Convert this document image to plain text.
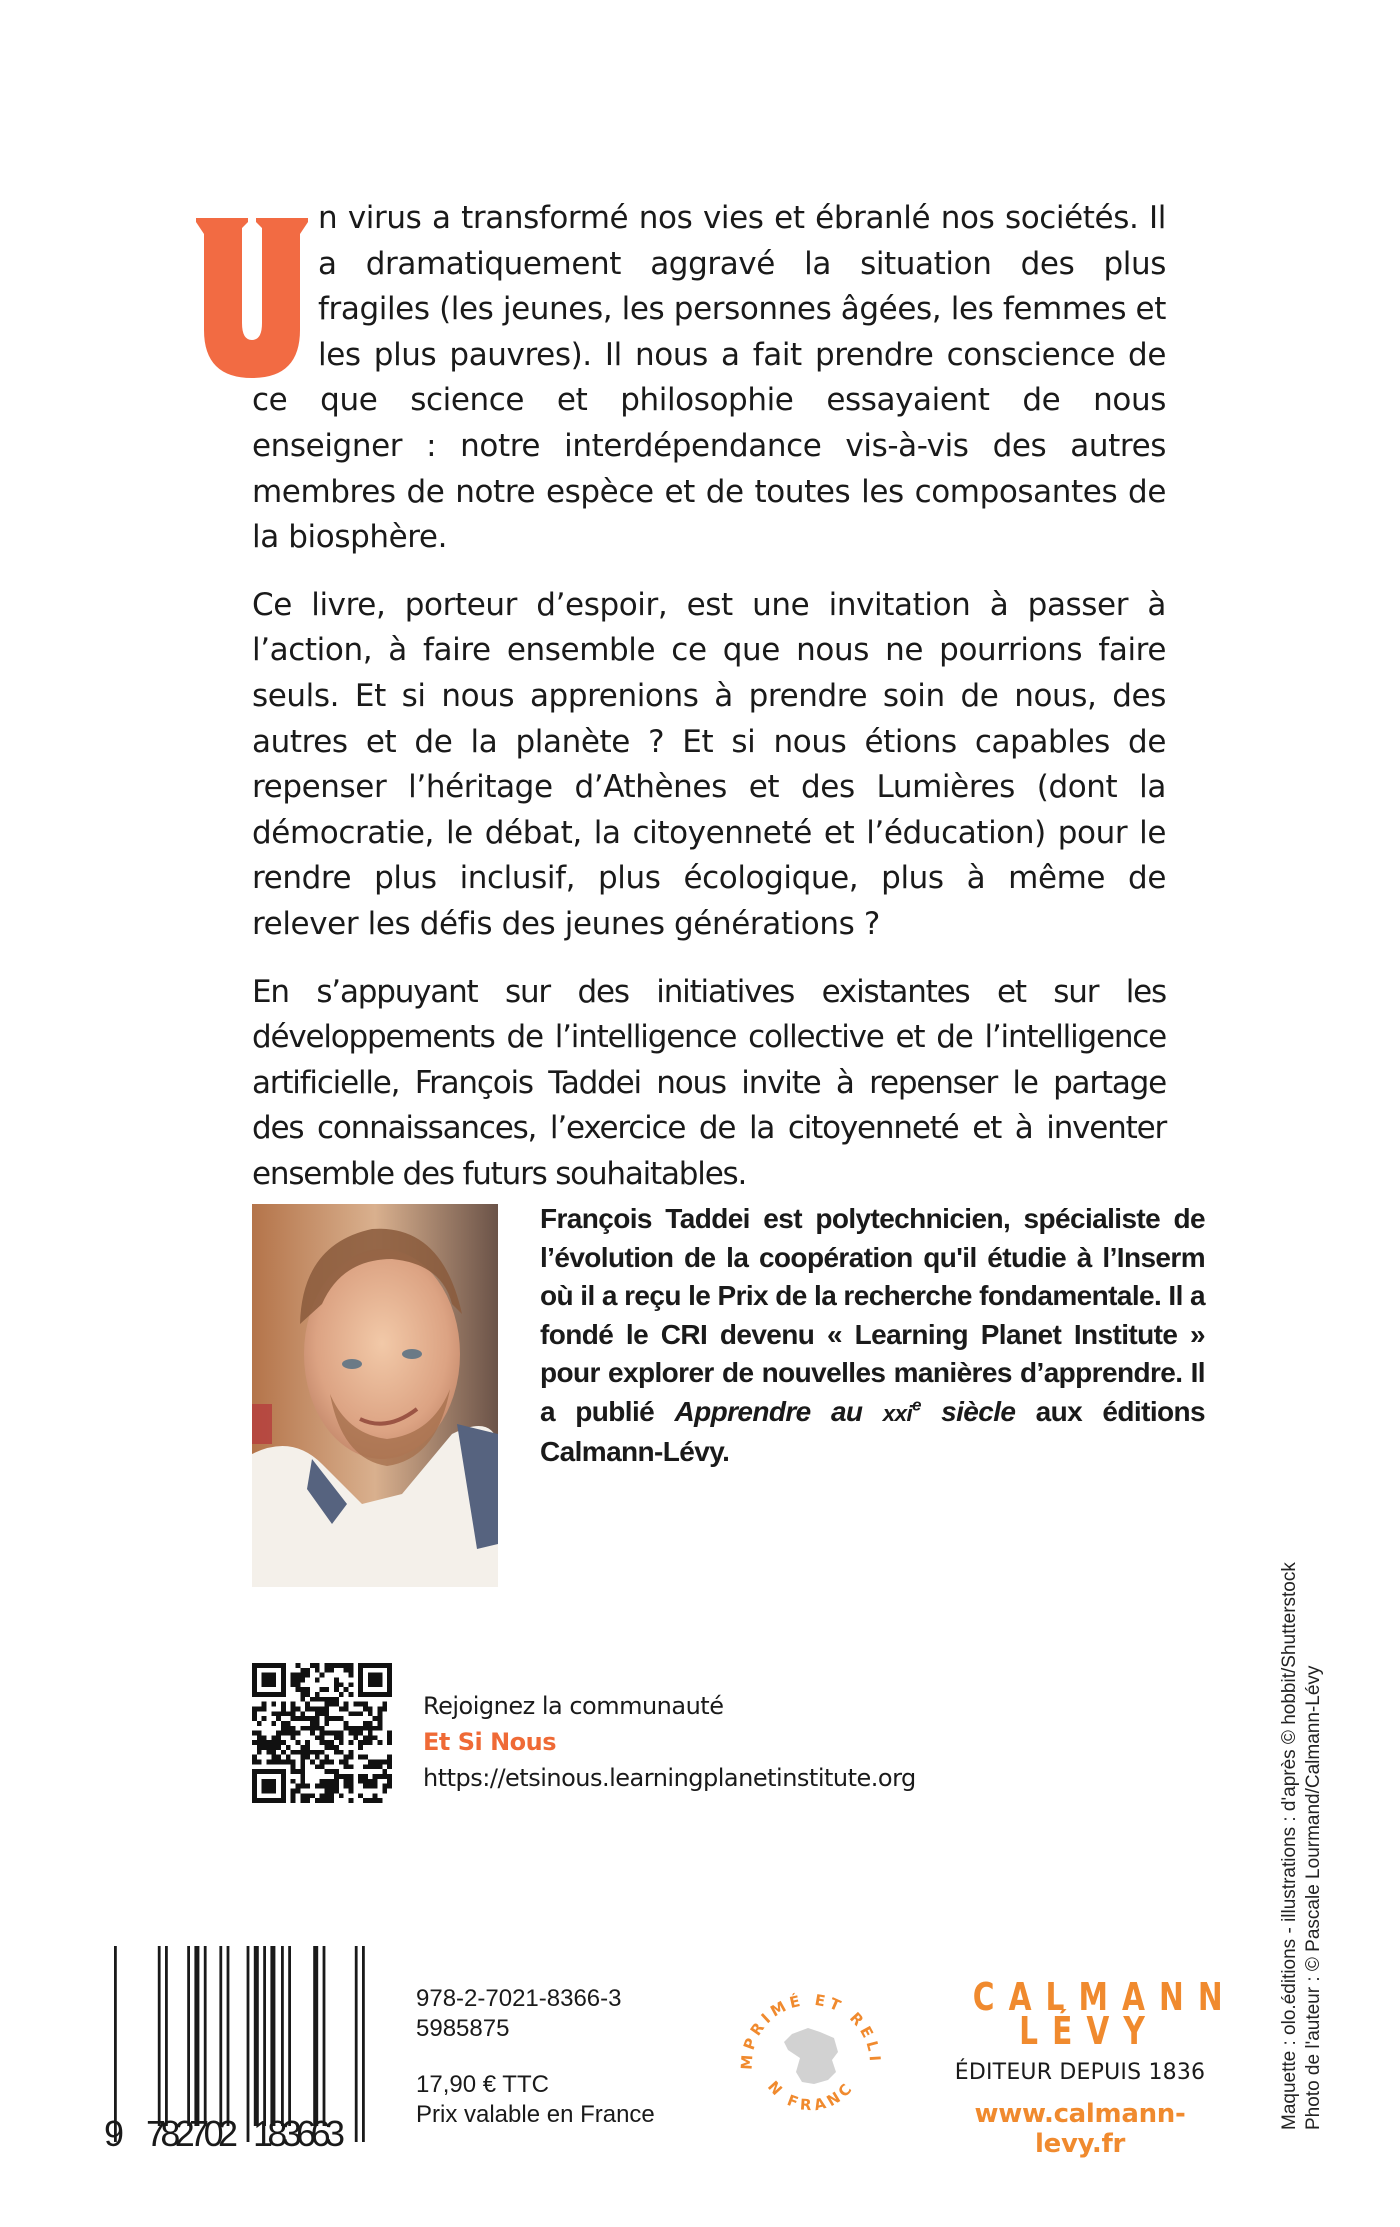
n virus a transformé nos vies et ébranlé nos sociétés. Il a dramatiquement aggravé la situation des plus fragiles (les jeunes, les personnes âgées, les femmes et les plus pauvres). Il nous a fait prendre conscience de ce que science et philosophie essayaient de nous enseigner : notre interdépendance vis-à-vis des autres membres de notre espèce et de toutes les composantes de la biosphère.

Ce livre, porteur d’espoir, est une invitation à passer à l’action, à faire ensemble ce que nous ne pourrions faire seuls. Et si nous apprenions à prendre soin de nous, des autres et de la planète ? Et si nous étions capables de repenser l’héritage d’Athènes et des Lumières (dont la démocratie, le débat, la citoyenneté et l’éducation) pour le rendre plus inclusif, plus écologique, plus à même de relever les défis des jeunes générations ?

En s’appuyant sur des initiatives existantes et sur les développements de l’intelligence collective et de l’intelligence artificielle, François Taddei nous invite à repenser le partage des connaissances, l’exercice de la citoyenneté et à inventer ensemble des futurs souhaitables.

François Taddei est polytechnicien, spécialiste de l’évolution de la coopération qu'il étudie à l’Inserm où il a reçu le Prix de la recherche fondamentale. Il a fondé le CRI devenu « Learning Planet Institute » pour explorer de nouvelles manières d’apprendre. Il a publié Apprendre au xxi$^e$ siècle aux éditions Calmann-Lévy.
Rejoignez la communauté
Et Si Nous
https://etsinous.learningplanetinstitute.org
9 782702 183663
978-2-7021-8366-3
5985875
17,90 € TTC
Prix valable en France
MPRIMÉ ET RELI
N FRANC
CALMANN
LÉVY
ÉDITEUR DEPUIS 1836
www.calmann-levy.fr
Maquette : olo.éditions - illustrations : d'après © hobbit/Shutterstock Photo de l'auteur : © Pascale Lourmand/Calmann-Lévy
